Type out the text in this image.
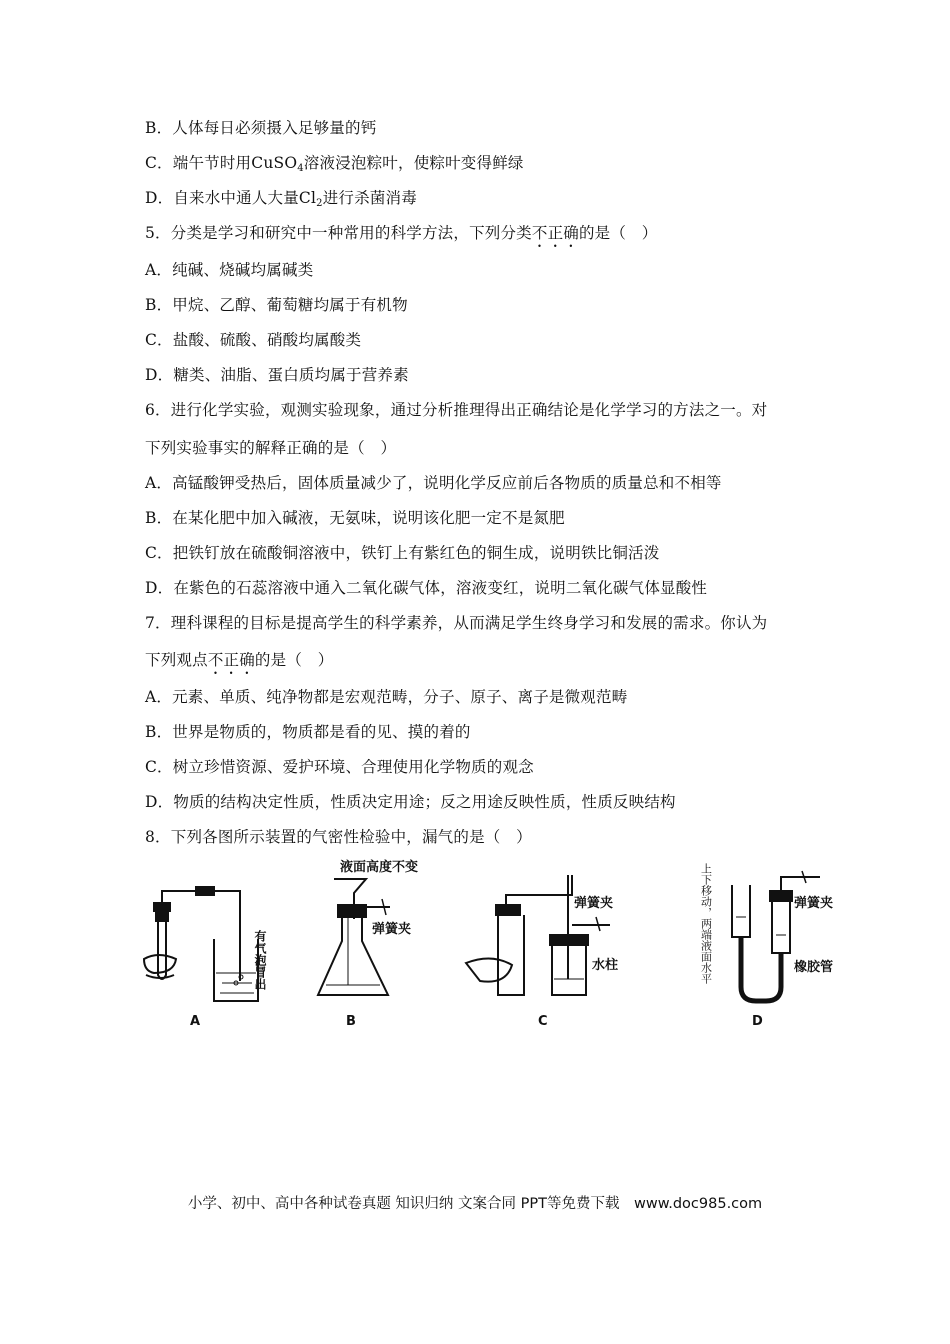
B．人体每日必须摄入足够量的钙
C．端午节时用CuSO$_4$溶液浸泡粽叶，使粽叶变得鲜绿
D．自来水中通人大量$Cl_2$进行杀菌消毒
5．分类是学习和研究中一种常用的科学方法，下列分类不正确的是（　）
A．纯碱、烧碱均属碱类
B．甲烷、乙醇、葡萄糖均属于有机物
C．盐酸、硫酸、硝酸均属酸类
D．糖类、油脂、蛋白质均属于营养素
6．进行化学实验，观测实验现象，通过分析推理得出正确结论是化学学习的方法之一。对
下列实验事实的解释正确的是（　）
A．高锰酸钾受热后，固体质量减少了，说明化学反应前后各物质的质量总和不相等
B．在某化肥中加入碱液，无氨味，说明该化肥一定不是氮肥
C．把铁钉放在硫酸铜溶液中，铁钉上有紫红色的铜生成，说明铁比铜活泼
D．在紫色的石蕊溶液中通入二氧化碳气体，溶液变红，说明二氧化碳气体显酸性
7．理科课程的目标是提高学生的科学素养，从而满足学生终身学习和发展的需求。你认为
下列观点不正确的是（　）
A．元素、单质、纯净物都是宏观范畴，分子、原子、离子是微观范畴
B．世界是物质的，物质都是看的见、摸的着的
C．树立珍惜资源、爱护环境、合理使用化学物质的观念
D．物质的结构决定性质，性质决定用途；反之用途反映性质，性质反映结构
8．下列各图所示装置的气密性检验中，漏气的是（　）
A
有气泡冒出
B
液面高度不变
弹簧夹
C
弹簧夹
水柱
D
上下移动，两端液面水平	弹簧夹
橡胶管
小学、初中、高中各种试卷真题 知识归纳 文案合同 PPT等免费下载　www.doc985.com
